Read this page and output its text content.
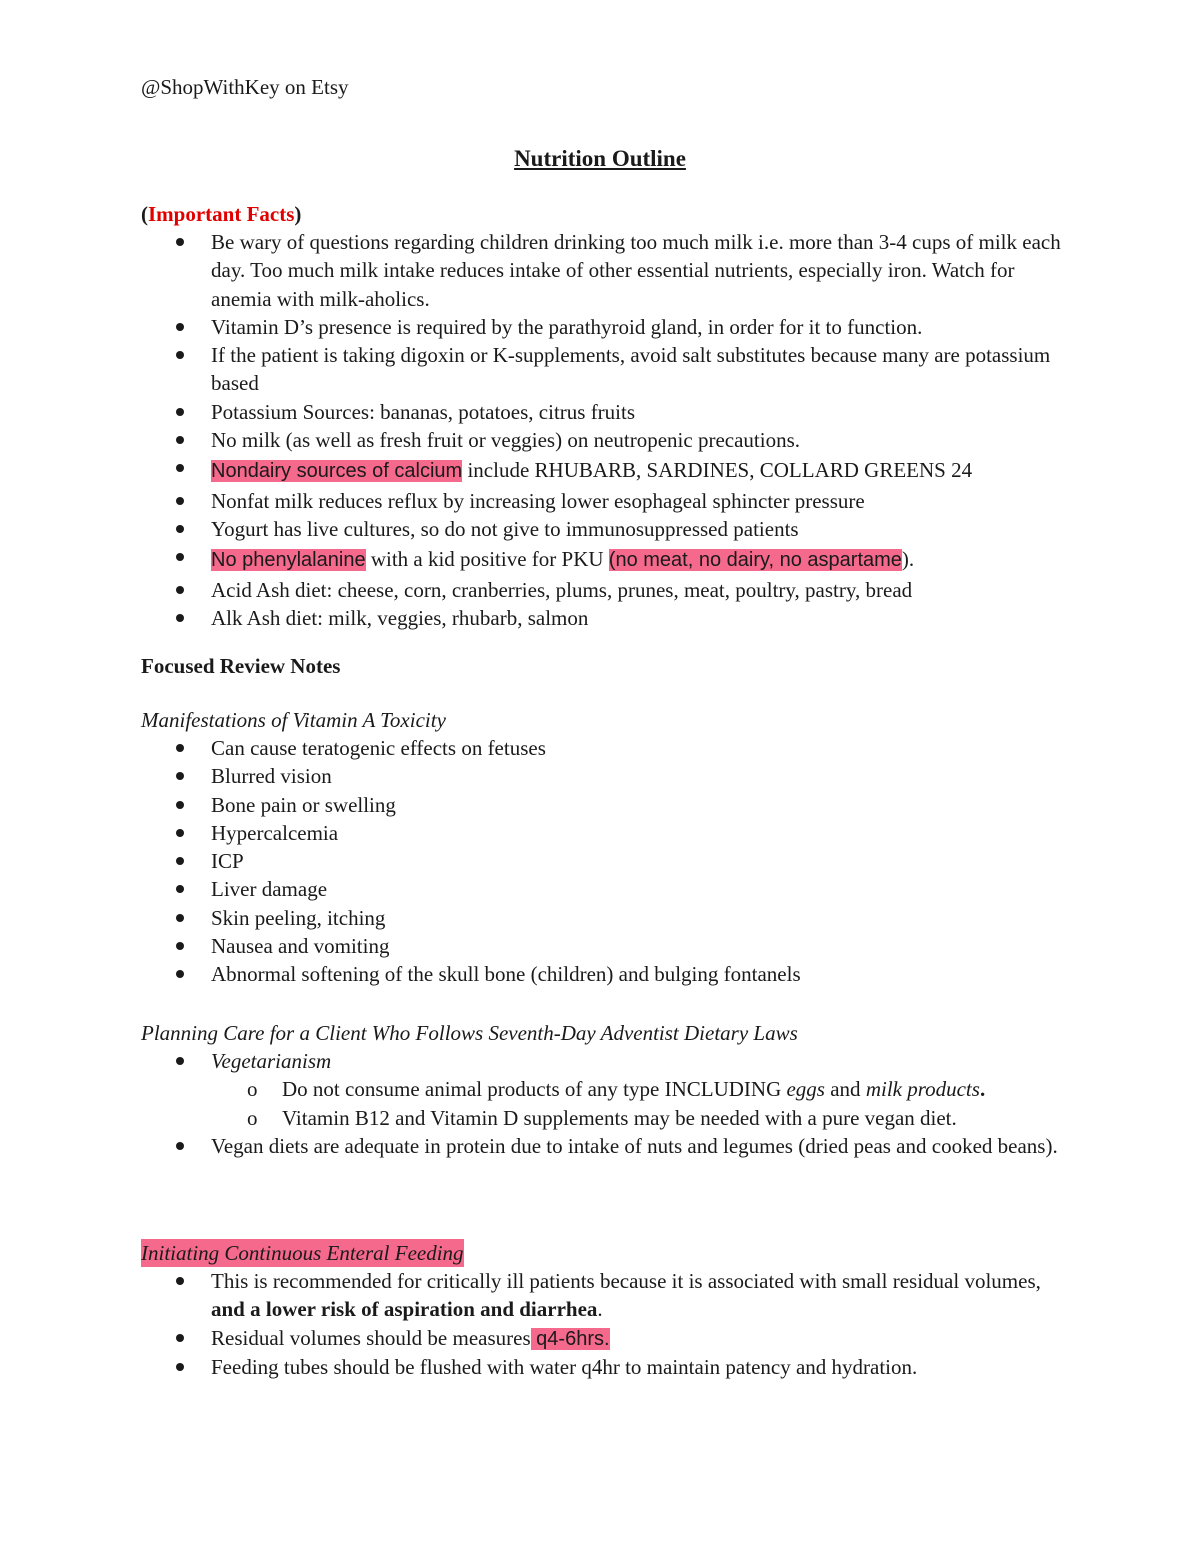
@ShopWithKey on Etsy
Nutrition Outline
(Important Facts)
Be wary of questions regarding children drinking too much milk i.e. more than 3-4 cups of milk each day. Too much milk intake reduces intake of other essential nutrients, especially iron. Watch for anemia with milk-aholics.
Vitamin D’s presence is required by the parathyroid gland, in order for it to function.
If the patient is taking digoxin or K-supplements, avoid salt substitutes because many are potassium based
Potassium Sources: bananas, potatoes, citrus fruits
No milk (as well as fresh fruit or veggies) on neutropenic precautions.
Nondairy sources of calcium include RHUBARB, SARDINES, COLLARD GREENS 24
Nonfat milk reduces reflux by increasing lower esophageal sphincter pressure
Yogurt has live cultures, so do not give to immunosuppressed patients
No phenylalanine with a kid positive for PKU (no meat, no dairy, no aspartame).
Acid Ash diet: cheese, corn, cranberries, plums, prunes, meat, poultry, pastry, bread
Alk Ash diet: milk, veggies, rhubarb, salmon
Focused Review Notes
Manifestations of Vitamin A Toxicity
Can cause teratogenic effects on fetuses
Blurred vision
Bone pain or swelling
Hypercalcemia
ICP
Liver damage
Skin peeling, itching
Nausea and vomiting
Abnormal softening of the skull bone (children) and bulging fontanels
Planning Care for a Client Who Follows Seventh-Day Adventist Dietary Laws
Vegetarianism
o Do not consume animal products of any type INCLUDING eggs and milk products.
o Vitamin B12 and Vitamin D supplements may be needed with a pure vegan diet.
Vegan diets are adequate in protein due to intake of nuts and legumes (dried peas and cooked beans).
Initiating Continuous Enteral Feeding
This is recommended for critically ill patients because it is associated with small residual volumes, and a lower risk of aspiration and diarrhea.
Residual volumes should be measures q4-6hrs.
Feeding tubes should be flushed with water q4hr to maintain patency and hydration.
